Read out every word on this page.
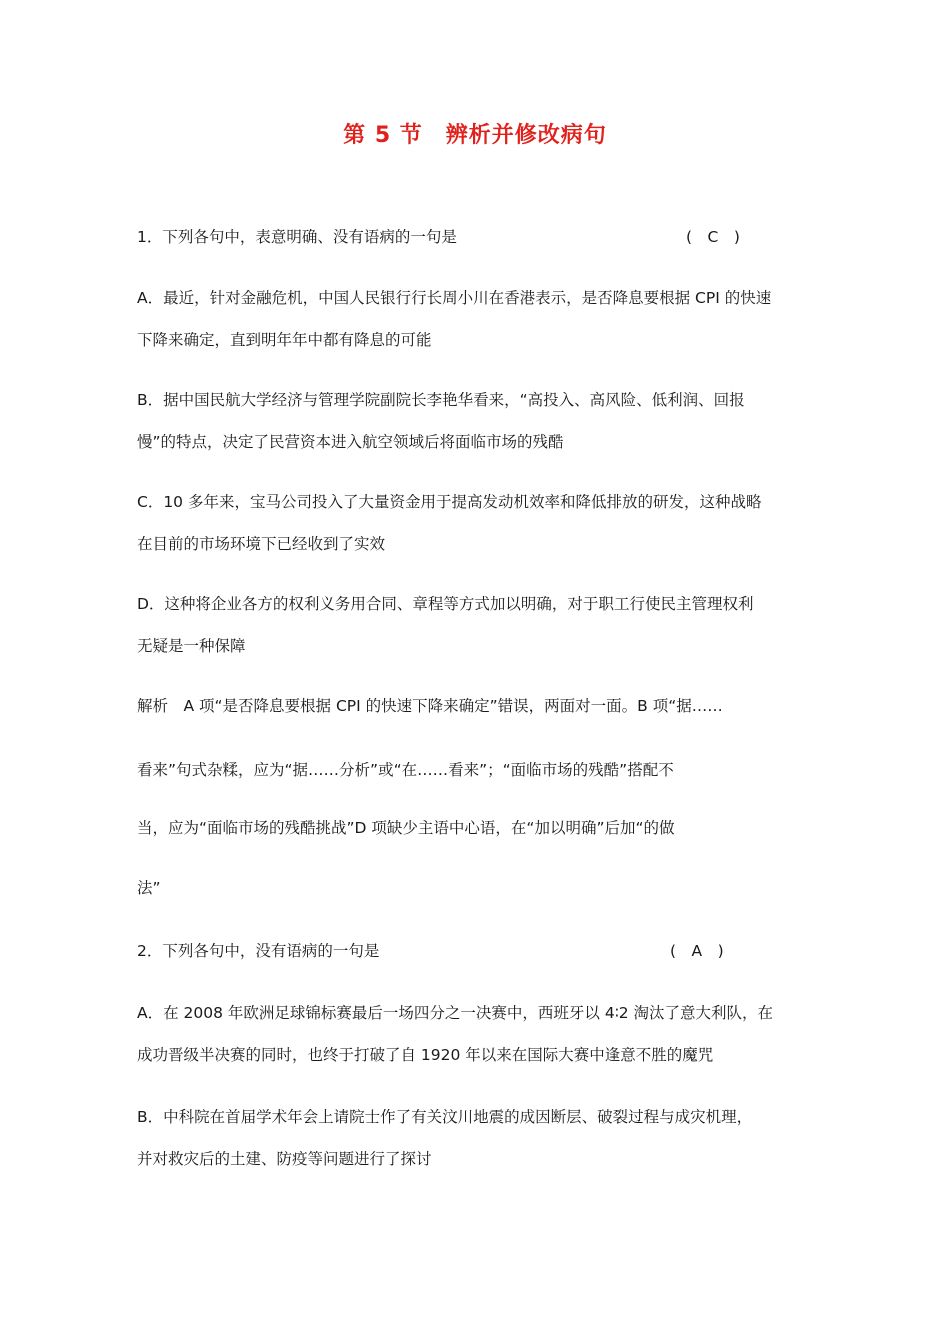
第 5 节　辨析并修改病句
1．下列各句中，表意明确、没有语病的一句是	(　C　)
A．最近，针对金融危机，中国人民银行行长周小川在香港表示，是否降息要根据 CPI 的快速
下降来确定，直到明年年中都有降息的可能
B．据中国民航大学经济与管理学院副院长李艳华看来，“高投入、高风险、低利润、回报
慢”的特点，决定了民营资本进入航空领域后将面临市场的残酷
C．10 多年来，宝马公司投入了大量资金用于提高发动机效率和降低排放的研发，这种战略
在目前的市场环境下已经收到了实效
D．这种将企业各方的权利义务用合同、章程等方式加以明确，对于职工行使民主管理权利
无疑是一种保障
解析　A 项“是否降息要根据 CPI 的快速下降来确定”错误，两面对一面。B 项“据……
看来”句式杂糅，应为“据……分析”或“在……看来”；“面临市场的残酷”搭配不
当，应为“面临市场的残酷挑战”D 项缺少主语中心语，在“加以明确”后加“的做
法”
2．下列各句中，没有语病的一句是	(　A　)
A．在 2008 年欧洲足球锦标赛最后一场四分之一决赛中，西班牙以 4∶2 淘汰了意大利队，在
成功晋级半决赛的同时，也终于打破了自 1920 年以来在国际大赛中逢意不胜的魔咒
B．中科院在首届学术年会上请院士作了有关汶川地震的成因断层、破裂过程与成灾机理，
并对救灾后的土建、防疫等问题进行了探讨
